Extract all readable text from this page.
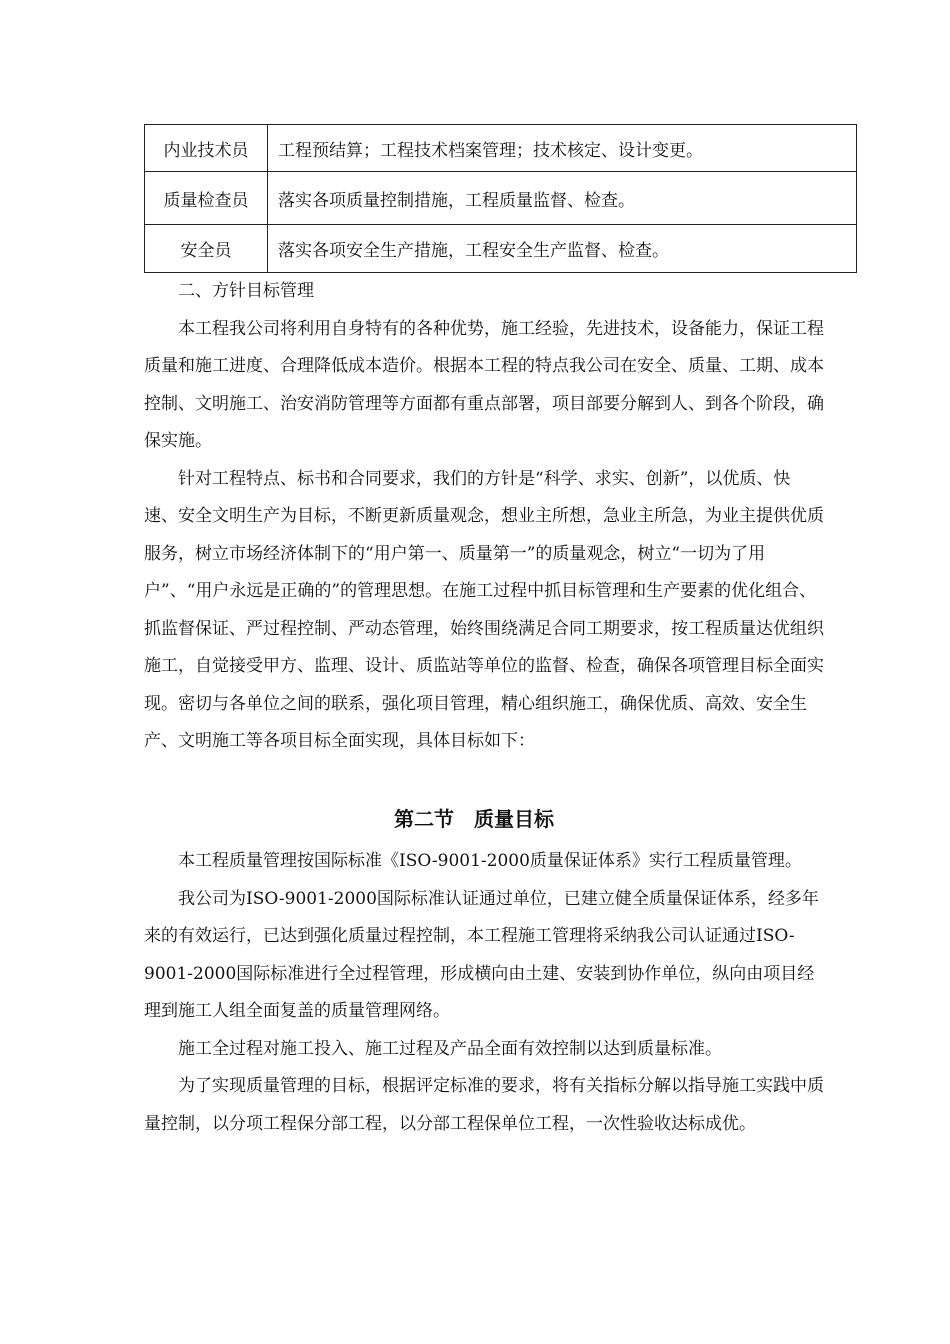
内业技术员	工程预结算；工程技术档案管理；技术核定、设计变更。
质量检查员	落实各项质量控制措施，工程质量监督、检查。
安全员	落实各项安全生产措施，工程安全生产监督、检查。

二、方针目标管理

本工程我公司将利用自身特有的各种优势，施工经验，先进技术，设备能力，保证工程质量和施工进度、合理降低成本造价。根据本工程的特点我公司在安全、质量、工期、成本控制、文明施工、治安消防管理等方面都有重点部署，项目部要分解到人、到各个阶段，确保实施。

针对工程特点、标书和合同要求，我们的方针是“科学、求实、创新”，以优质、快速、安全文明生产为目标，不断更新质量观念，想业主所想，急业主所急，为业主提供优质服务，树立市场经济体制下的“用户第一、质量第一”的质量观念，树立“一切为了用户”、“用户永远是正确的”的管理思想。在施工过程中抓目标管理和生产要素的优化组合、抓监督保证、严过程控制、严动态管理，始终围绕满足合同工期要求，按工程质量达优组织施工，自觉接受甲方、监理、设计、质监站等单位的监督、检查，确保各项管理目标全面实现。密切与各单位之间的联系，强化项目管理，精心组织施工，确保优质、高效、安全生产、文明施工等各项目标全面实现，具体目标如下：

第二节　质量目标

本工程质量管理按国际标准《ISO-9001-2000质量保证体系》实行工程质量管理。

我公司为ISO-9001-2000国际标准认证通过单位，已建立健全质量保证体系，经多年来的有效运行，已达到强化质量过程控制，本工程施工管理将采纳我公司认证通过ISO-9001-2000国际标准进行全过程管理，形成横向由土建、安装到协作单位，纵向由项目经理到施工人组全面复盖的质量管理网络。

施工全过程对施工投入、施工过程及产品全面有效控制以达到质量标准。

为了实现质量管理的目标，根据评定标准的要求，将有关指标分解以指导施工实践中质量控制，以分项工程保分部工程，以分部工程保单位工程，一次性验收达标成优。
